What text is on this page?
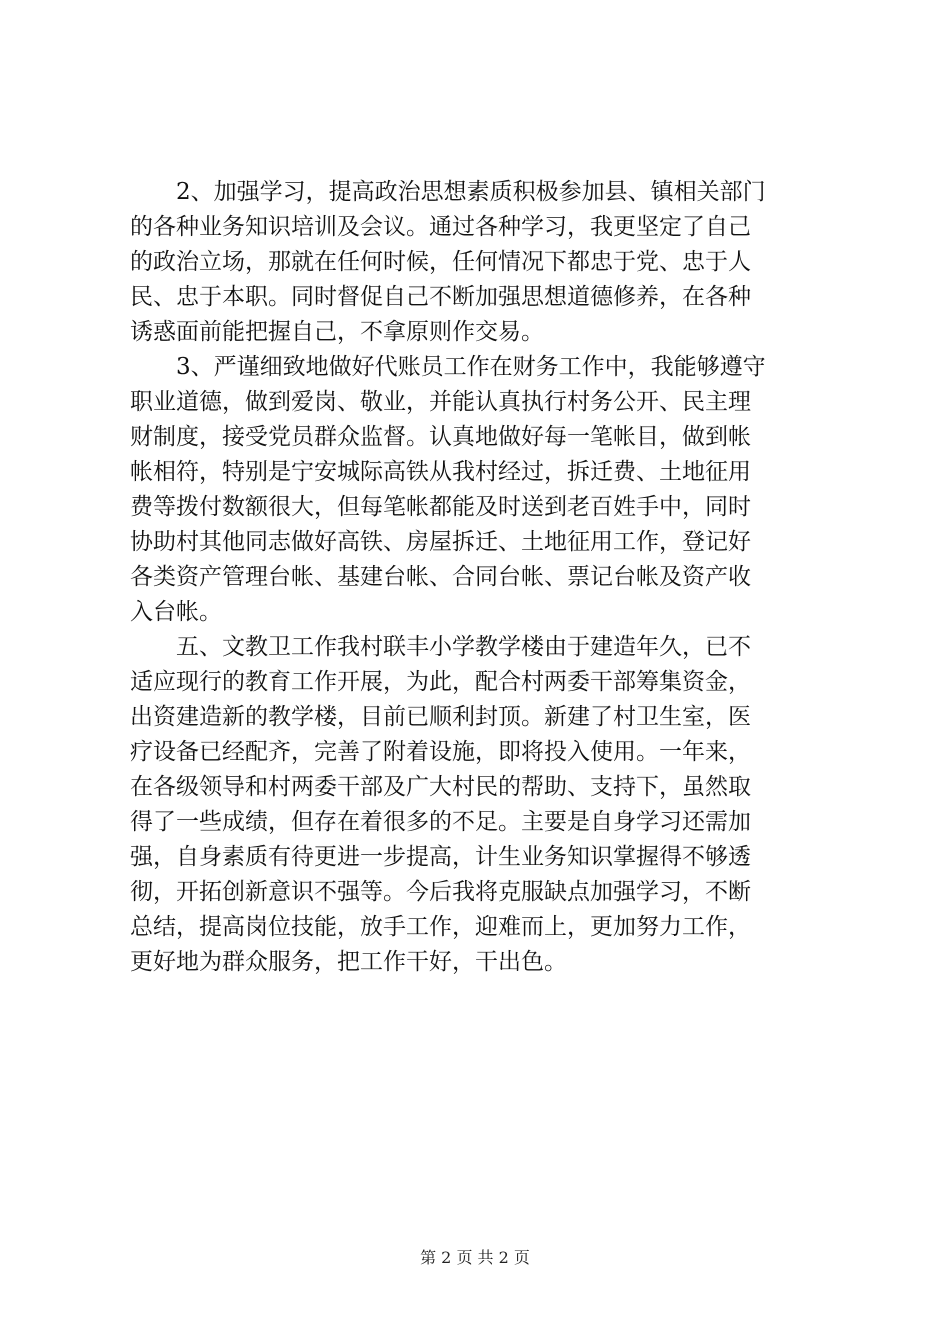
　　2、加强学习，提高政治思想素质积极参加县、镇相关部门
的各种业务知识培训及会议。通过各种学习，我更坚定了自己
的政治立场，那就在任何时候，任何情况下都忠于党、忠于人
民、忠于本职。同时督促自己不断加强思想道德修养，在各种
诱惑面前能把握自己，不拿原则作交易。
　　3、严谨细致地做好代账员工作在财务工作中，我能够遵守
职业道德，做到爱岗、敬业，并能认真执行村务公开、民主理
财制度，接受党员群众监督。认真地做好每一笔帐目，做到帐
帐相符，特别是宁安城际高铁从我村经过，拆迁费、土地征用
费等拨付数额很大，但每笔帐都能及时送到老百姓手中，同时
协助村其他同志做好高铁、房屋拆迁、土地征用工作，登记好
各类资产管理台帐、基建台帐、合同台帐、票记台帐及资产收
入台帐。
　　五、文教卫工作我村联丰小学教学楼由于建造年久，已不
适应现行的教育工作开展，为此，配合村两委干部筹集资金，
出资建造新的教学楼，目前已顺利封顶。新建了村卫生室，医
疗设备已经配齐，完善了附着设施，即将投入使用。一年来，
在各级领导和村两委干部及广大村民的帮助、支持下，虽然取
得了一些成绩，但存在着很多的不足。主要是自身学习还需加
强，自身素质有待更进一步提高，计生业务知识掌握得不够透
彻，开拓创新意识不强等。今后我将克服缺点加强学习，不断
总结，提高岗位技能，放手工作，迎难而上，更加努力工作，
更好地为群众服务，把工作干好，干出色。
第 2 页 共 2 页
